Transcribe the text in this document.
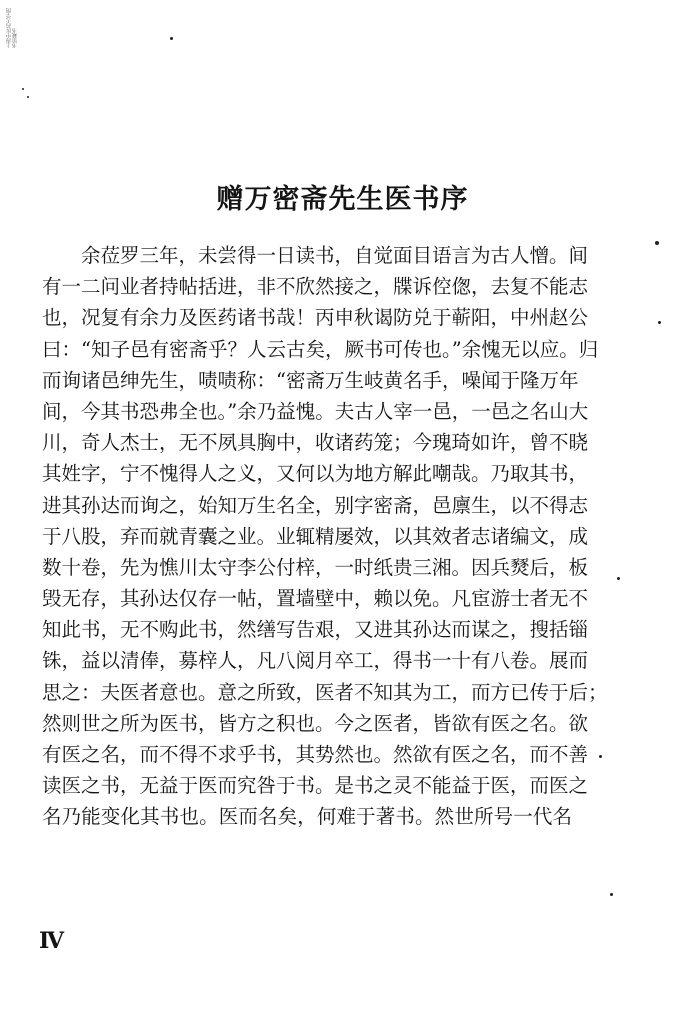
上海中医药大学图书馆藏书
赠万密斋先生医书序
余莅罗三年，未尝得一日读书，自觉面目语言为古人憎。间
有一二问业者持帖括进，非不欣然接之，牒诉倥偬，去复不能志
也，况复有余力及医药诸书哉！丙申秋谒防兑于蕲阳，中州赵公
曰：“知子邑有密斋乎？人云古矣，厥书可传也。”余愧无以应。归
而询诸邑绅先生，啧啧称：“密斋万生岐黄名手，噪闻于隆万年
间，今其书恐弗全也。”余乃益愧。夫古人宰一邑，一邑之名山大
川，奇人杰士，无不夙具胸中，收诸药笼；今瑰琦如许，曾不晓
其姓字，宁不愧得人之义，又何以为地方解此嘲哉。乃取其书，
进其孙达而询之，始知万生名全，别字密斋，邑廪生，以不得志
于八股，弃而就青囊之业。业辄精屡效，以其效者志诸编文，成
数十卷，先为憔川太守李公付梓，一时纸贵三湘。因兵燹后，板
毁无存，其孙达仅存一帖，置墙壁中，赖以免。凡宦游士者无不
知此书，无不购此书，然缮写告艰，又进其孙达而谋之，搜括锱
铢，益以清俸，募梓人，凡八阅月卒工，得书一十有八卷。展而
思之：夫医者意也。意之所致，医者不知其为工，而方已传于后；
然则世之所为医书，皆方之积也。今之医者，皆欲有医之名。欲
有医之名，而不得不求乎书，其势然也。然欲有医之名，而不善
读医之书，无益于医而究咎于书。是书之灵不能益于医，而医之
名乃能变化其书也。医而名矣，何难于著书。然世所号一代名
Ⅳ
